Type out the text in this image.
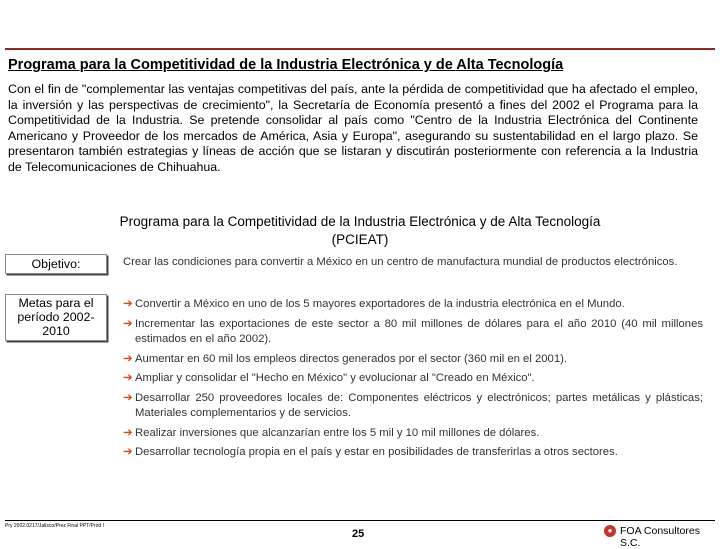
Programa para la Competitividad de la Industria Electrónica y de Alta Tecnología
Con el fin de "complementar las ventajas competitivas del país, ante la pérdida de competitividad que ha afectado el empleo, la inversión y las perspectivas de crecimiento", la Secretaría de Economía presentó a fines del 2002 el Programa para la Competitividad de la Industria. Se pretende consolidar al país como "Centro de la Industria Electrónica del Continente Americano y Proveedor de los mercados de América, Asia y Europa", asegurando su sustentabilidad en el largo plazo. Se presentaron también estrategias y líneas de acción que se listaran y discutirán posteriormente con referencia a la Industria de Telecomunicaciones de Chihuahua.
Programa para la Competitividad de la Industria Electrónica y de Alta Tecnología
(PCIEAT)
Objetivo:	Crear las condiciones para convertir a México en un centro de manufactura mundial de productos electrónicos.
Metas para el período 2002-2010
➔ Convertir a México en uno de los 5 mayores exportadores de la industria electrónica en el Mundo.
➔ Incrementar las exportaciones de este sector a 80 mil millones de dólares para el año 2010 (40 mil millones estimados en el año 2002).
➔ Aumentar en 60 mil los empleos directos generados por el sector (360 mil en el 2001).
➔ Ampliar y consolidar el "Hecho en México" y evolucionar al "Creado en México".
➔ Desarrollar 250 proveedores locales de: Componentes eléctricos y electrónicos; partes metálicas y plásticas; Materiales complementarios y de servicios.
➔ Realizar inversiones que alcanzarían entre los 5 mil y 10 mil millones de dólares.
➔ Desarrollar tecnología propia en el país y estar en posibilidades de transferirlas a otros sectores.
Pry 2002.0217/Jalisco/Prez Final PPT/Prod I
25	● FOA Consultores S.C.
